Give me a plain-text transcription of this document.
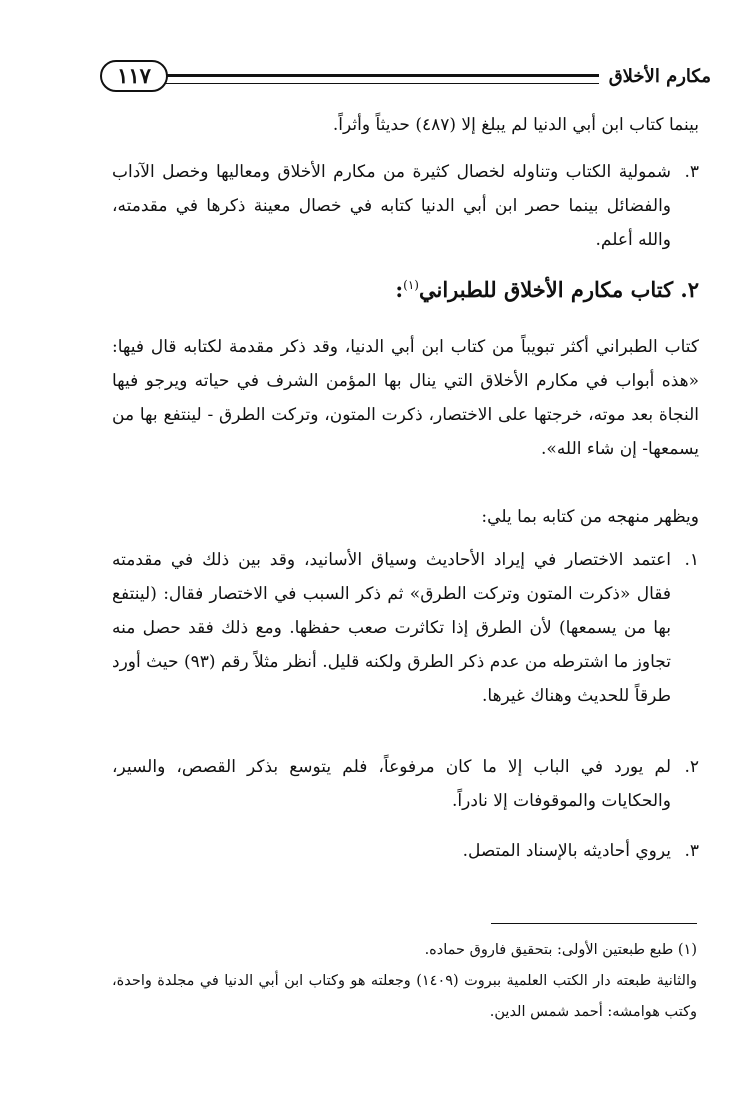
مكارم الأخلاق
١١٧
بينما كتاب ابن أبي الدنيا لم يبلغ إلا (٤٨٧) حديثاً وأثراً.
٣.
شمولية الكتاب وتناوله لخصال كثيرة من مكارم الأخلاق ومعاليها وخصل الآداب والفضائل بينما حصر ابن أبي الدنيا كتابه في خصال معينة ذكرها في مقدمته، والله أعلم.
٢. كتاب مكارم الأخلاق للطبراني$^{(١)}$:
كتاب الطبراني أكثر تبويباً من كتاب ابن أبي الدنيا، وقد ذكر مقدمة لكتابه قال فيها: «هذه أبواب في مكارم الأخلاق التي ينال بها المؤمن الشرف في حياته ويرجو فيها النجاة بعد موته، خرجتها على الاختصار، ذكرت المتون، وتركت الطرق - لينتفع بها من يسمعها- إن شاء الله».
ويظهر منهجه من كتابه بما يلي:
١.
اعتمد الاختصار في إيراد الأحاديث وسياق الأسانيد، وقد بين ذلك في مقدمته فقال «ذكرت المتون وتركت الطرق» ثم ذكر السبب في الاختصار فقال: (لينتفع بها من يسمعها) لأن الطرق إذا تكاثرت صعب حفظها. ومع ذلك فقد حصل منه تجاوز ما اشترطه من عدم ذكر الطرق ولكنه قليل. أنظر مثلاً رقم (٩٣) حيث أورد طرقاً للحديث وهناك غيرها.
٢.
لم يورد في الباب إلا ما كان مرفوعاً، فلم يتوسع بذكر القصص، والسير، والحكايات والموقوفات إلا نادراً.
٣.
يروي أحاديثه بالإسناد المتصل.
(١) طبع طبعتين الأولى: بتحقيق فاروق حماده.
والثانية طبعته دار الكتب العلمية ببروت (١٤٠٩) وجعلته هو وكتاب ابن أبي الدنيا في مجلدة واحدة، وكتب هوامشه: أحمد شمس الدين.
